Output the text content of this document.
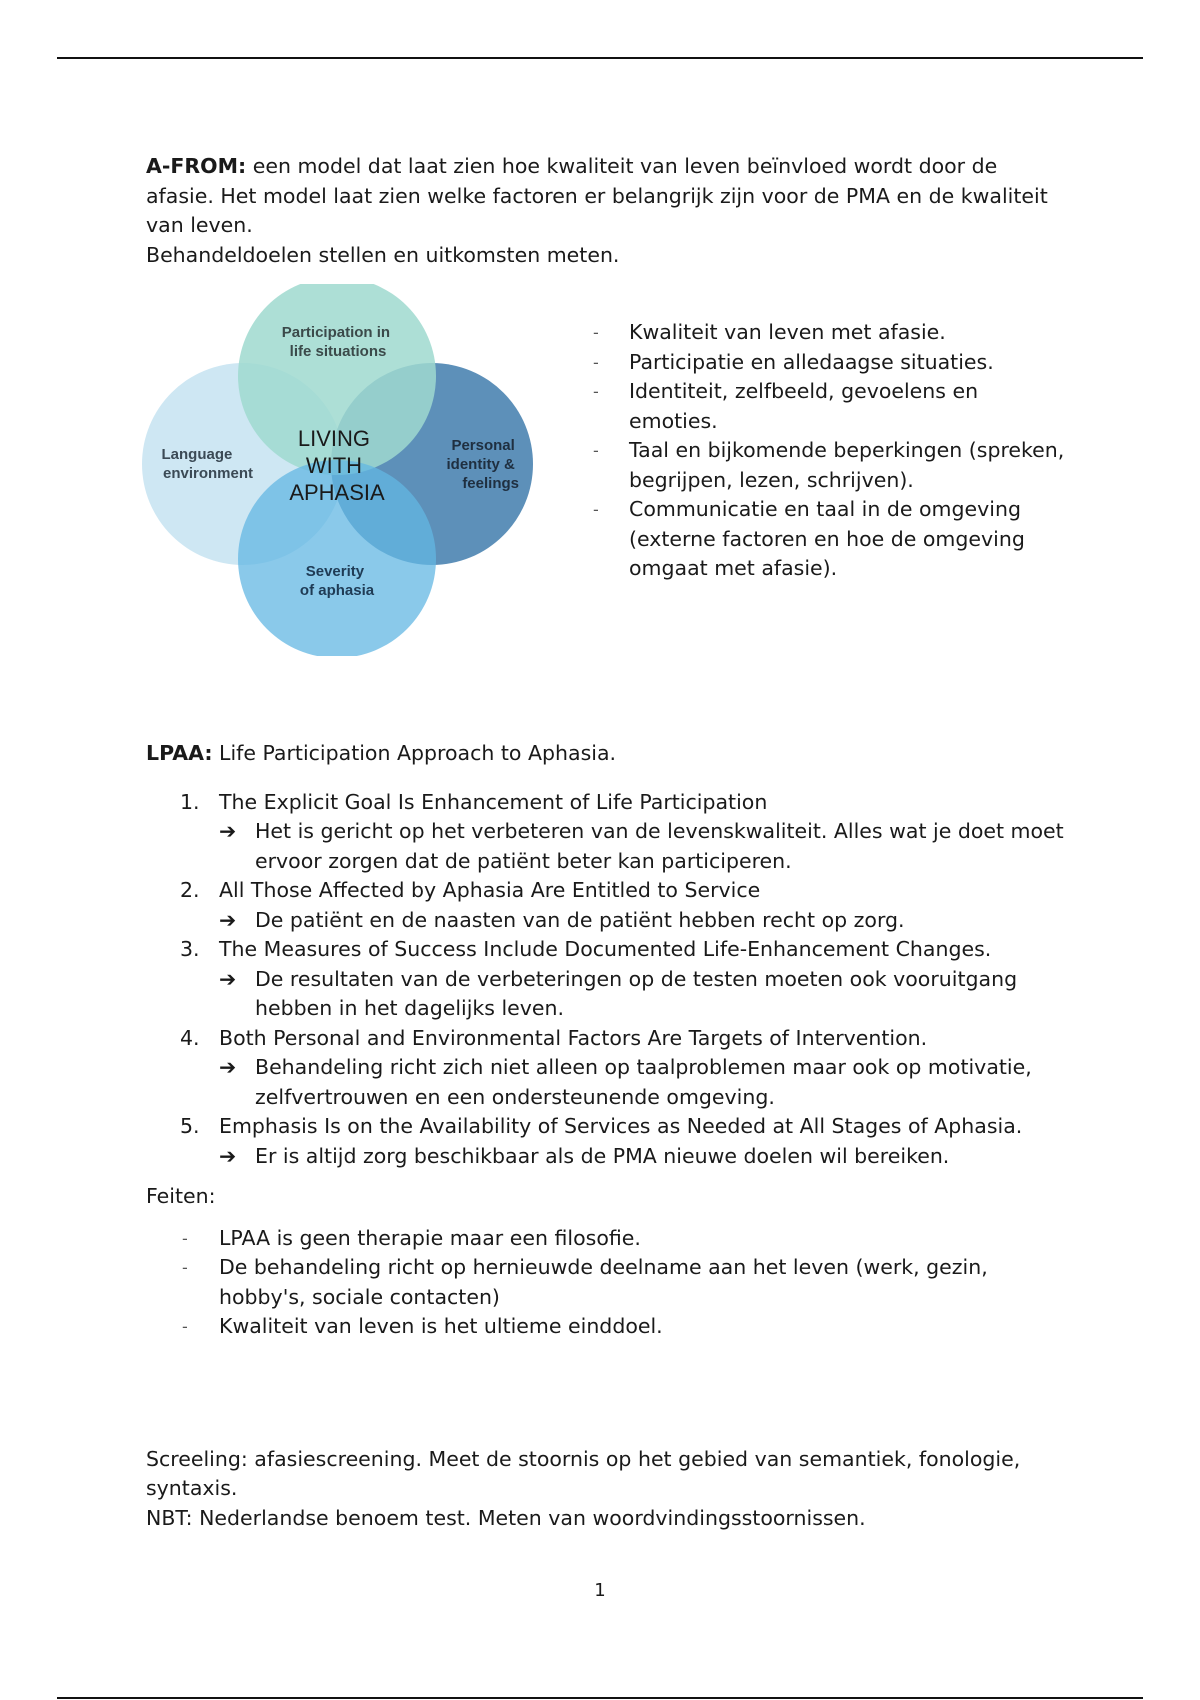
A-FROM: een model dat laat zien hoe kwaliteit van leven beïnvloed wordt door de afasie. Het model laat zien welke factoren er belangrijk zijn voor de PMA en de kwaliteit van leven.

Behandeldoelen stellen en uitkomsten meten.

Participation in life situations
Language environment
Personal identity & feelings
Severity of aphasia
LIVING WITH APHASIA
- Kwaliteit van leven met afasie.
- Participatie en alledaagse situaties.
- Identiteit, zelfbeeld, gevoelens en emoties.
- Taal en bijkomende beperkingen (spreken, begrijpen, lezen, schrijven).
- Communicatie en taal in de omgeving (externe factoren en hoe de omgeving omgaat met afasie).

LPAA: Life Participation Approach to Aphasia.

1. The Explicit Goal Is Enhancement of Life Participation
➔ Het is gericht op het verbeteren van de levenskwaliteit. Alles wat je doet moet ervoor zorgen dat de patiënt beter kan participeren.
2. All Those Affected by Aphasia Are Entitled to Service
➔ De patiënt en de naasten van de patiënt hebben recht op zorg.
3. The Measures of Success Include Documented Life-Enhancement Changes.
➔ De resultaten van de verbeteringen op de testen moeten ook vooruitgang hebben in het dagelijks leven.
4. Both Personal and Environmental Factors Are Targets of Intervention.
➔ Behandeling richt zich niet alleen op taalproblemen maar ook op motivatie, zelfvertrouwen en een ondersteunende omgeving.
5. Emphasis Is on the Availability of Services as Needed at All Stages of Aphasia.
➔ Er is altijd zorg beschikbaar als de PMA nieuwe doelen wil bereiken.

Feiten:

- LPAA is geen therapie maar een filosofie.
- De behandeling richt op hernieuwde deelname aan het leven (werk, gezin, hobby's, sociale contacten)
- Kwaliteit van leven is het ultieme einddoel.

Screeling: afasiescreening. Meet de stoornis op het gebied van semantiek, fonologie, syntaxis.

NBT: Nederlandse benoem test. Meten van woordvindingsstoornissen.

1
